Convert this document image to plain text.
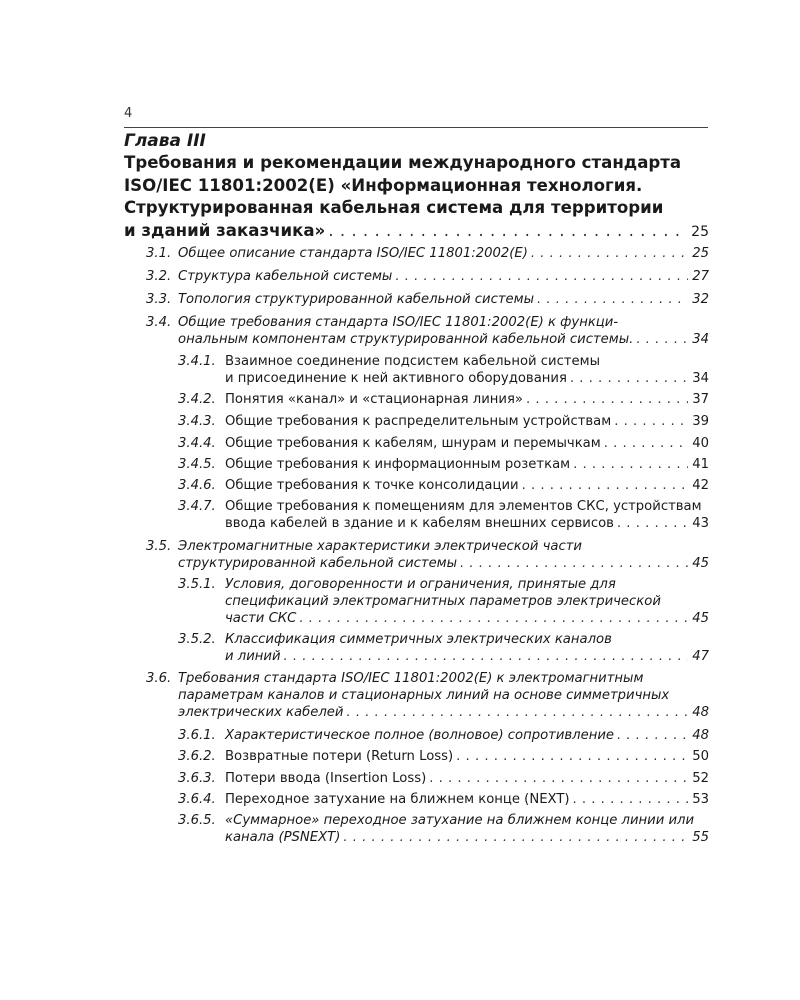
4
Глава III
Требования и рекомендации международного стандарта
ISO/IEC 11801:2002(E) «Информационная технология.
Структурированная кабельная система для территории
и зданий заказчика» . . .	25
3.1. Общее описание стандарта ISO/IEC 11801:2002(E) . . .	25
3.2. Структура кабельной системы . . .	27
3.3. Топология структурированной кабельной системы . . .	32
3.4. Общие требования стандарта ISO/IEC 11801:2002(E) к функци-
ональным компонентам структурированной кабельной системы. . . .	34
3.4.1. Взаимное соединение подсистем кабельной системы
и присоединение к ней активного оборудования . . .	34
3.4.2. Понятия «канал» и «стационарная линия» . . .	37
3.4.3. Общие требования к распределительным устройствам . . .	39
3.4.4. Общие требования к кабелям, шнурам и перемычкам . . .	40
3.4.5. Общие требования к информационным розеткам . . .	41
3.4.6. Общие требования к точке консолидации . . .	42
3.4.7. Общие требования к помещениям для элементов СКС, устройствам
ввода кабелей в здание и к кабелям внешних сервисов . . .	43
3.5. Электромагнитные характеристики электрической части
структурированной кабельной системы . . .	45
3.5.1. Условия, договоренности и ограничения, принятые для
спецификаций электромагнитных параметров электрической
части СКС . . .	45
3.5.2. Классификация симметричных электрических каналов
и линий . . .	47
3.6. Требования стандарта ISO/IEC 11801:2002(E) к электромагнитным
параметрам каналов и стационарных линий на основе симметричных
электрических кабелей . . .	48
3.6.1. Характеристическое полное (волновое) сопротивление . . .	48
3.6.2. Возвратные потери (Return Loss) . . .	50
3.6.3. Потери ввода (Insertion Loss) . . .	52
3.6.4. Переходное затухание на ближнем конце (NEXT) . . .	53
3.6.5. «Суммарное» переходное затухание на ближнем конце линии или
канала (PSNEXT) . . .	55
